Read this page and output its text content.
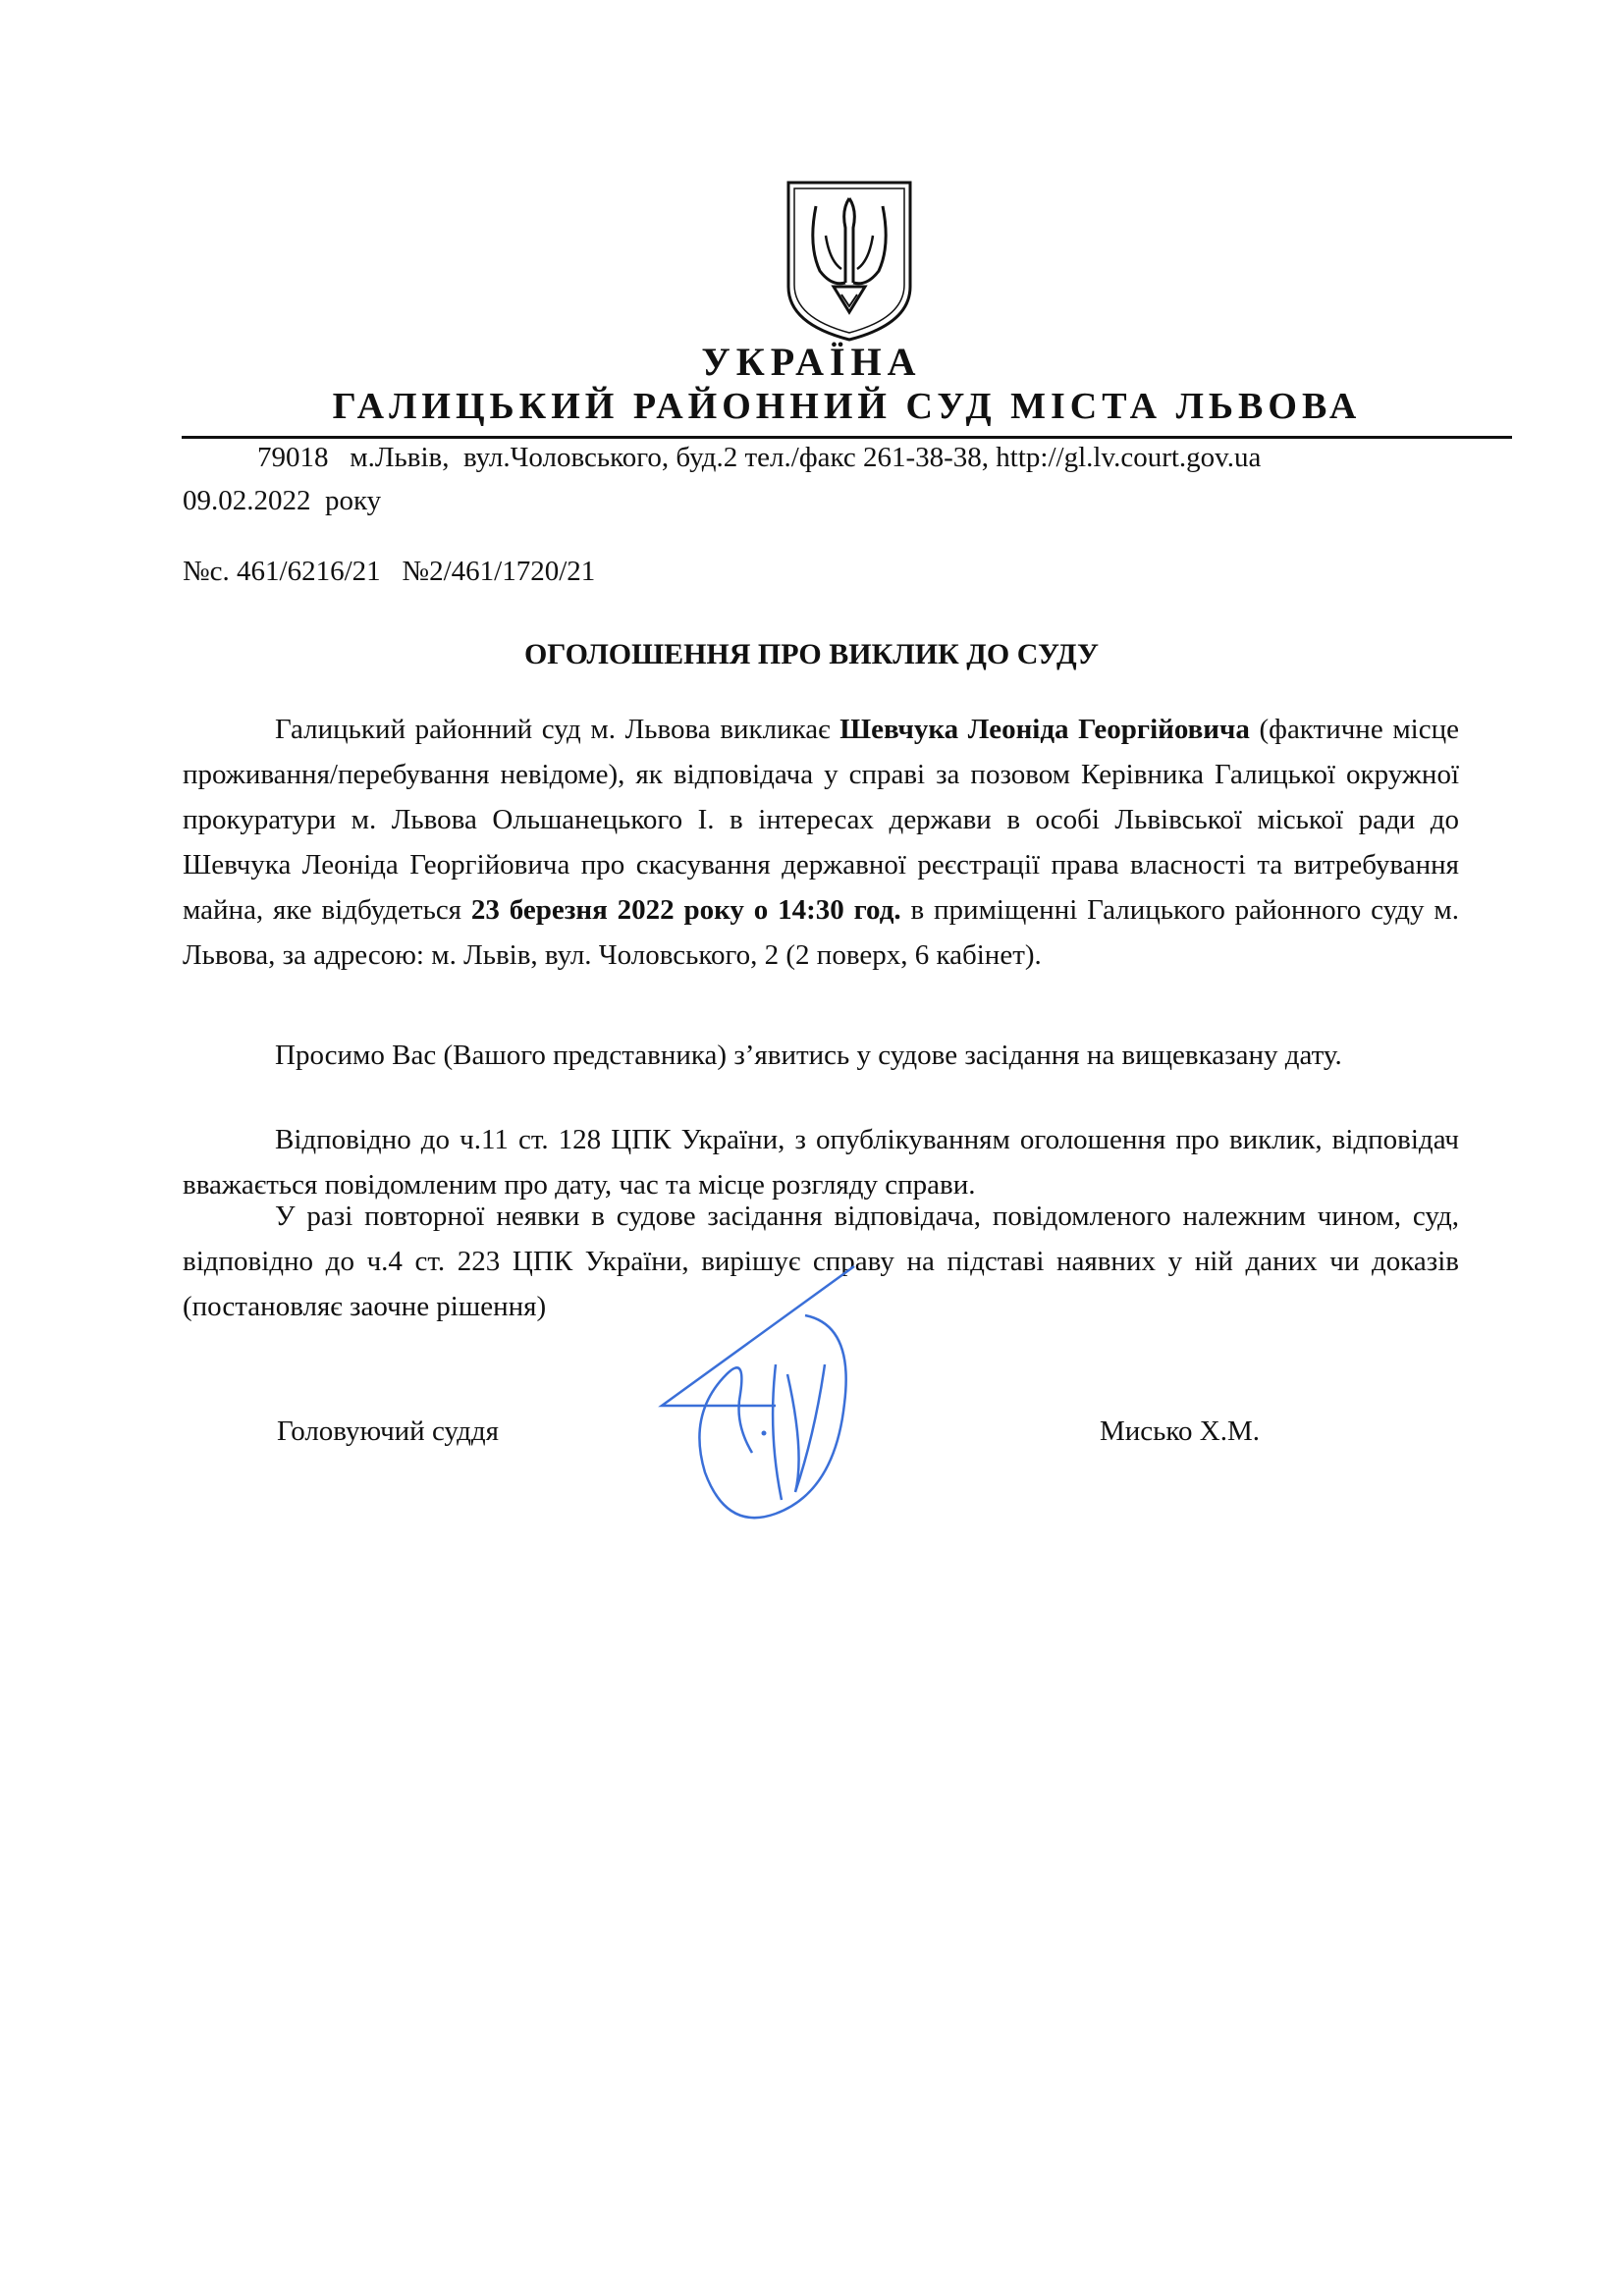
УКРАЇНА
ГАЛИЦЬКИЙ РАЙОННИЙ СУД МІСТА ЛЬВОВА
79018   м.Львів,  вул.Чоловського, буд.2 тел./факс 261-38-38, http://gl.lv.court.gov.ua
09.02.2022  року
№с. 461/6216/21   №2/461/1720/21
ОГОЛОШЕННЯ ПРО ВИКЛИК ДО СУДУ
Галицький районний суд м. Львова викликає Шевчука Леоніда Георгійовича (фактичне місце проживання/перебування невідоме), як відповідача у справі за позовом Керівника Галицької окружної прокуратури м. Львова Ольшанецького І. в інтересах держави в особі Львівської міської ради до Шевчука Леоніда Георгійовича про скасування державної реєстрації права власності та витребування майна, яке відбудеться 23 березня 2022 року о 14:30 год. в приміщенні Галицького районного суду м. Львова, за адресою: м. Львів, вул. Чоловського, 2 (2 поверх, 6 кабінет).
Просимо Вас (Вашого представника) з’явитись у судове засідання на вищевказану дату.
Відповідно до ч.11 ст. 128 ЦПК України, з опублікуванням оголошення про виклик, відповідач вважається повідомленим про дату, час та місце розгляду справи.
У разі повторної неявки в судове засідання відповідача, повідомленого належним чином, суд, відповідно до ч.4 ст. 223 ЦПК України, вирішує справу на підставі наявних у ній даних чи доказів (постановляє заочне рішення)
Головуючий суддя	Мисько Х.М.
